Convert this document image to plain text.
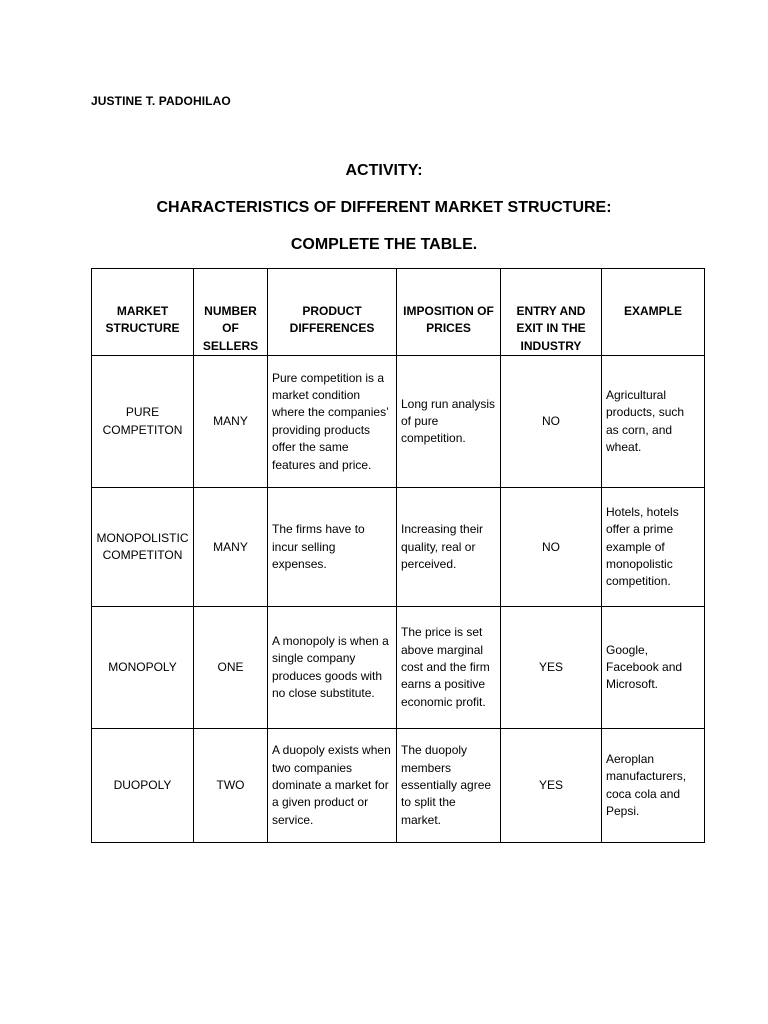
JUSTINE T. PADOHILAO
ACTIVITY:
CHARACTERISTICS OF DIFFERENT MARKET STRUCTURE:
COMPLETE THE TABLE.
MARKET STRUCTURE	NUMBER OF SELLERS	PRODUCT DIFFERENCES	IMPOSITION OF PRICES	ENTRY AND EXIT IN THE INDUSTRY	EXAMPLE
PURE COMPETITON	MANY	Pure competition is a market condition where the companies’ providing products offer the same features and price.	Long run analysis of pure competition.	NO	Agricultural products, such as corn, and wheat.
MONOPOLISTIC COMPETITON	MANY	The firms have to incur selling expenses.	Increasing their quality, real or perceived.	NO	Hotels, hotels offer a prime example of monopolistic competition.
MONOPOLY	ONE	A monopoly is when a single company produces goods with no close substitute.	The price is set above marginal cost and the firm earns a positive economic profit.	YES	Google, Facebook and Microsoft.
DUOPOLY	TWO	A duopoly exists when two companies dominate a market for a given product or service.	The duopoly members essentially agree to split the market.	YES	Aeroplan manufacturers, coca cola and Pepsi.
